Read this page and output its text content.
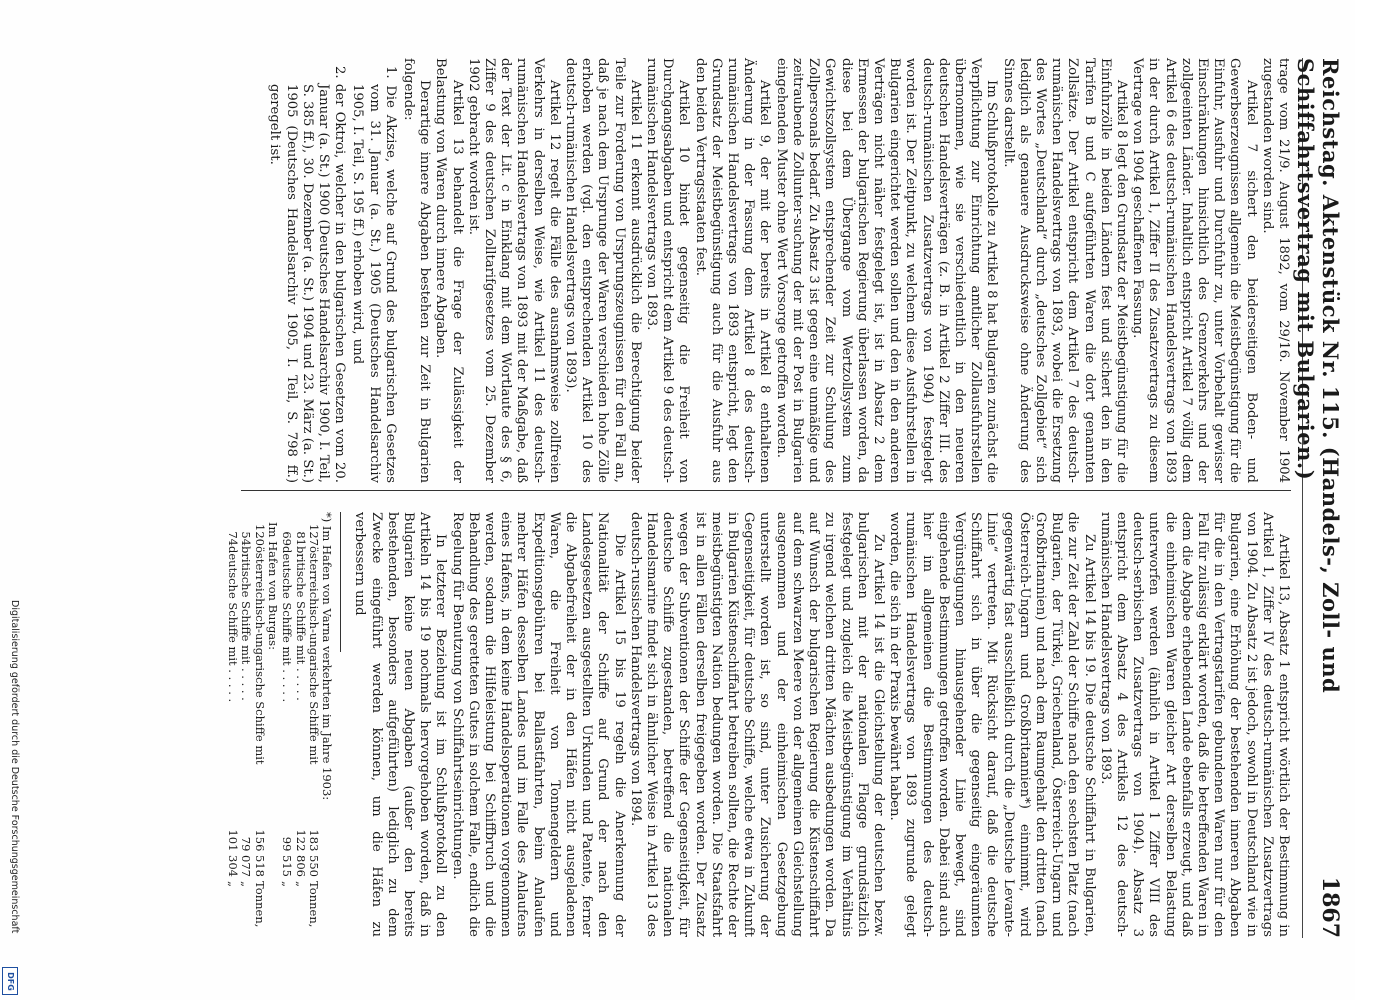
Reichstag. Aktenstück Nr. 115. (Handels-, Zoll- und Schiffahrtsvertrag mit Bulgarien.)
1867

trage vom 21/9. August 1892, vom 29/16. November 1904 zugestanden worden sind.

Artikel 7 sichert den beiderseitigen Boden- und Gewerbserzeugnissen allgemein die Meistbegünstigung für die Einfuhr, Ausfuhr und Durchfuhr zu, unter Vorbehalt gewisser Einschränkungen hinsichtlich des Grenzverkehrs und der zollgeeinten Länder. Inhaltlich entspricht Artikel 7 völlig dem Artikel 6 des deutsch-rumänischen Handelsvertrags von 1893 in der durch Artikel 1, Ziffer II des Zusatzvertrags zu diesem Vertrage von 1904 geschaffenen Fassung.

Artikel 8 legt den Grundsatz der Meistbegünstigung für die Einfuhrzölle in beiden Ländern fest und sichert den in den Tarifen B und C aufgeführten Waren die dort genannten Zollsätze. Der Artikel entspricht dem Artikel 7 des deutsch-rumänischen Handelsvertrags von 1893, wobei die Ersetzung des Wortes „Deutschland“ durch „deutsches Zollgebiet“ sich lediglich als genauere Ausdrucksweise ohne Änderung des Sinnes darstellt.

Im Schlußprotokolle zu Artikel 8 hat Bulgarien zunächst die Verpflichtung zur Einrichtung amtlicher Zollausfuhrstellen übernommen, wie sie verschiedentlich in den neueren deutschen Handelsverträgen (z. B. in Artikel 2 Ziffer III. des deutsch-rumänischen Zusatzvertrags von 1904) festgelegt worden ist. Der Zeitpunkt, zu welchem diese Ausfuhrstellen in Bulgarien eingerichtet werden sollen und den in den anderen Verträgen nicht näher festgelegt ist, ist in Absatz 2 dem Ermessen der bulgarischen Regierung überlassen worden, da diese bei dem Übergange vom Wertzollsystem zum Gewichtszollsystem entsprechender Zeit zur Schulung des Zollpersonals bedarf. Zu Absatz 3 ist gegen eine unmäßige und zeitraubende Zollunter-suchung der mit der Post in Bulgarien eingehenden Muster ohne Wert Vorsorge getroffen worden.

Artikel 9, der mit der bereits in Artikel 8 enthaltenen Änderung in der Fassung dem Artikel 8 des deutsch-rumänischen Handelsvertrags von 1893 entspricht, legt den Grundsatz der Meistbegünstigung auch für die Ausfuhr aus den beiden Vertragsstaaten fest.

Artikel 10 bindet gegenseitig die Freiheit von Durchgangsabgaben und entspricht dem Artikel 9 des deutsch-rumänischen Handelsvertrags von 1893.

Artikel 11 erkennt ausdrücklich die Berechtigung beider Teile zur Forderung von Ursprungszeugnissen für den Fall an, daß je nach dem Ursprunge der Waren verschieden hohe Zölle erhoben werden (vgl. den entsprechenden Artikel 10 des deutsch-rumänischen Handelsvertrags von 1893).

Artikel 12 regelt die Fälle des ausnahmsweise zollfreien Verkehrs in derselben Weise, wie Artikel 11 des deutsch-rumänischen Handelsvertrags von 1893 mit der Maßgabe, daß der Text der Lit. c in Einklang mit dem Wortlaute des § 6, Ziffer 9 des deutschen Zolltarifgesetzes vom 25. Dezember 1902 gebracht worden ist.

Artikel 13 behandelt die Frage der Zulässigkeit der Belastung von Waren durch innere Abgaben.

Derartige innere Abgaben bestehen zur Zeit in Bulgarien folgende:

1. Die Akzise, welche auf Grund des bulgarischen Gesetzes vom 31. Januar (a. St.) 1905 (Deutsches Handelsarchiv 1905, I. Teil, S. 195 ff.) erhoben wird, und
2. der Oktroi, welcher in den bulgarischen Gesetzen vom 20. Januar (a. St.) 1900 (Deutsches Handelsarchiv 1900, I. Teil, S. 385 ff.), 30. Dezember (a. St.) 1904 und 23. März (a. St.) 1905 (Deutsches Handelsarchiv 1905, I. Teil, S. 798 ff.) geregelt ist.

Artikel 13, Absatz 1 entspricht wörtlich der Bestimmung in Artikel 1, Ziffer IV des deutsch-rumänischen Zusatzvertrags von 1904. Zu Absatz 2 ist jedoch, sowohl in Deutschland wie in Bulgarien, eine Erhöhung der bestehenden inneren Abgaben für die in den Vertragstarifen gebundenen Waren nur für den Fall für zulässig erklärt worden, daß die betreffenden Waren in dem die Abgabe erhebenden Lande ebenfalls erzeugt, und daß die einheimischen Waren gleicher Art derselben Belastung unterworfen werden (ähnlich in Artikel 1 Ziffer VIII des deutsch-serbischen Zusatzvertrags von 1904). Absatz 3 entspricht dem Absatz 4 des Artikels 12 des deutsch-rumänischen Handelsvertrags von 1893.

Zu Artikel 14 bis 19. Die deutsche Schiffahrt in Bulgarien, die zur Zeit der Zahl der Schiffe nach den sechsten Platz (nach Bulgarien, der Türkei, Griechenland, Österreich-Ungarn und Großbritannien) und nach dem Raumgehalt den dritten (nach Österreich-Ungarn und Großbritannien*) einnimmt, wird gegenwärtig fast ausschließlich durch die „Deutsche Levante-Linie“ vertreten. Mit Rücksicht darauf, daß die deutsche Schiffahrt sich in über die gegenseitig eingeräumten Vergünstigungen hinausgehender Linie bewegt, sind eingehende Bestimmungen getroffen worden. Dabei sind auch hier im allgemeinen die Bestimmungen des deutsch-rumänischen Handelsvertrags von 1893 zugrunde gelegt worden, die sich in der Praxis bewährt haben.

Zu Artikel 14 ist die Gleichstellung der deutschen bezw. bulgarischen mit der nationalen Flagge grundsätzlich festgelegt und zugleich die Meistbegünstigung im Verhältnis zu irgend welchen dritten Mächten ausbedungen worden. Da auf Wunsch der bulgarischen Regierung die Küstenschiffahrt auf dem schwarzen Meere von der allgemeinen Gleichstellung ausgenommen und der einheimischen Gesetzgebung unterstellt worden ist, so sind, unter Zusicherung der Gegenseitigkeit, für deutsche Schiffe, welche etwa in Zukunft in Bulgarien Küstenschiffahrt betreiben sollten, die Rechte der meistbegünstigten Nation bedungen worden. Die Staatsfahrt ist in allen Fällen derselben freigegeben worden. Der Zusatz wegen der Subventionen der Schiffe der Gegenseitigkeit, für deutsche Schiffe zugestanden, betreffend die nationalen Handelsmarine findet sich in ähnlicher Weise in Artikel 13 des deutsch-russischen Handelsvertrags von 1894.

Die Artikel 15 bis 19 regeln die Anerkennung der Nationalität der Schiffe auf Grund der nach den Landesgesetzen ausgestellten Urkunden und Patente, ferner die Abgabefreiheit der in den Häfen nicht ausgeladenen Waren, die Freiheit von Tonnengeldern und Expeditionsgebühren bei Ballastfahrten, beim Anlaufen mehrer Häfen desselben Landes und im Falle des Anlaufens eines Hafens, in dem keine Handelsoperationen vorgenommen werden, sodann die Hilfeleistung bei Schiffbruch und die Behandlung des geretteten Gutes in solchem Falle, endlich die Regelung für Benutzung von Schiffahrtseinrichtungen.

In letzterer Beziehung ist im Schlußprotokoll zu den Artikeln 14 bis 19 nochmals hervorgehoben worden, daß in Bulgarien keine neuen Abgaben (außer den bereits bestehenden, besonders aufgeführten) lediglich zu dem Zwecke eingeführt werden können, um die Häfen zu verbessern und

*) Im Hafen von Varna verkehrten im Jahre 1903:
127	österreichisch-ungarische Schiffe mit	183 550	Tonnen,
81	britische Schiffe mit . . . . .	122 806	„
69	deutsche Schiffe mit . . . . .	99 515	„
Im Hafen von Burgas:
120	österreichisch-ungarische Schiffe mit	156 518	Tonnen,
54	britische Schiffe mit . . . . .	79 077	„
74	deutsche Schiffe mit . . . . .	101 304	„
Digitalisierung gefördert durch die Deutsche Forschungsgemeinschaft
DFG
